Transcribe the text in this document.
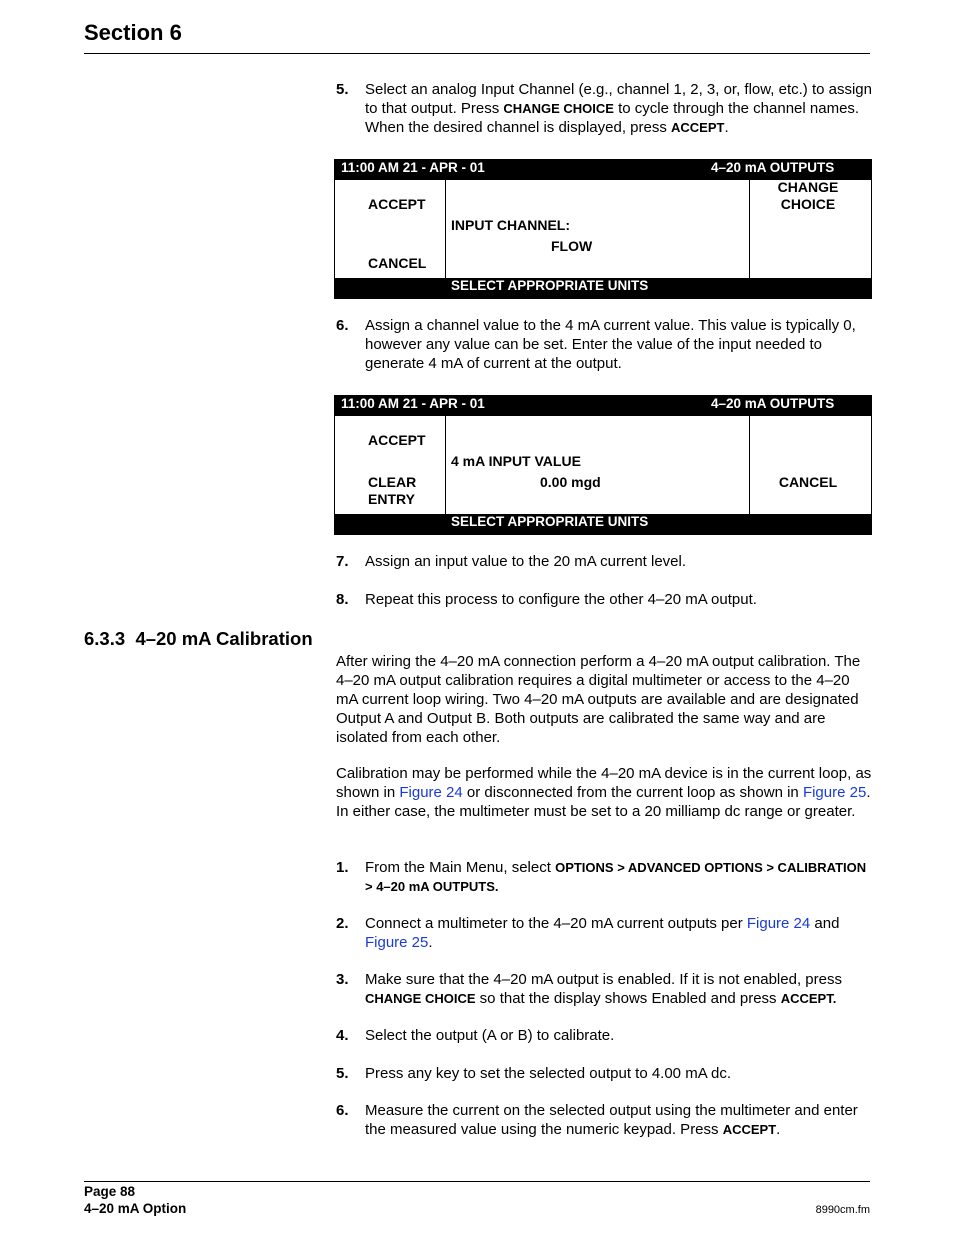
Section 6
5. Select an analog Input Channel (e.g., channel 1, 2, 3, or, flow, etc.) to assign to that output. Press CHANGE CHOICE to cycle through the channel names. When the desired channel is displayed, press ACCEPT.
11:00 AM 21 - APR - 01	4–20 mA OUTPUTS
ACCEPT
CANCEL
INPUT CHANNEL:
FLOW
CHANGE
CHOICE
SELECT APPROPRIATE UNITS
6. Assign a channel value to the 4 mA current value. This value is typically 0, however any value can be set. Enter the value of the input needed to generate 4 mA of current at the output.
11:00 AM 21 - APR - 01	4–20 mA OUTPUTS
ACCEPT
CLEAR
ENTRY
4 mA INPUT VALUE
0.00 mgd	CANCEL
SELECT APPROPRIATE UNITS
7. Assign an input value to the 20 mA current level.
8. Repeat this process to configure the other 4–20 mA output.
6.3.3 4–20 mA Calibration
After wiring the 4–20 mA connection perform a 4–20 mA output calibration. The 4–20 mA output calibration requires a digital multimeter or access to the 4–20 mA current loop wiring. Two 4–20 mA outputs are available and are designated Output A and Output B. Both outputs are calibrated the same way and are isolated from each other.
Calibration may be performed while the 4–20 mA device is in the current loop, as shown in Figure 24 or disconnected from the current loop as shown in Figure 25. In either case, the multimeter must be set to a 20 milliamp dc range or greater.
1. From the Main Menu, select OPTIONS > ADVANCED OPTIONS > CALIBRATION > 4–20 mA OUTPUTS.
2. Connect a multimeter to the 4–20 mA current outputs per Figure 24 and Figure 25.
3. Make sure that the 4–20 mA output is enabled. If it is not enabled, press CHANGE CHOICE so that the display shows Enabled and press ACCEPT.
4. Select the output (A or B) to calibrate.
5. Press any key to set the selected output to 4.00 mA dc.
6. Measure the current on the selected output using the multimeter and enter the measured value using the numeric keypad. Press ACCEPT.
Page 88
4–20 mA Option	8990cm.fm
